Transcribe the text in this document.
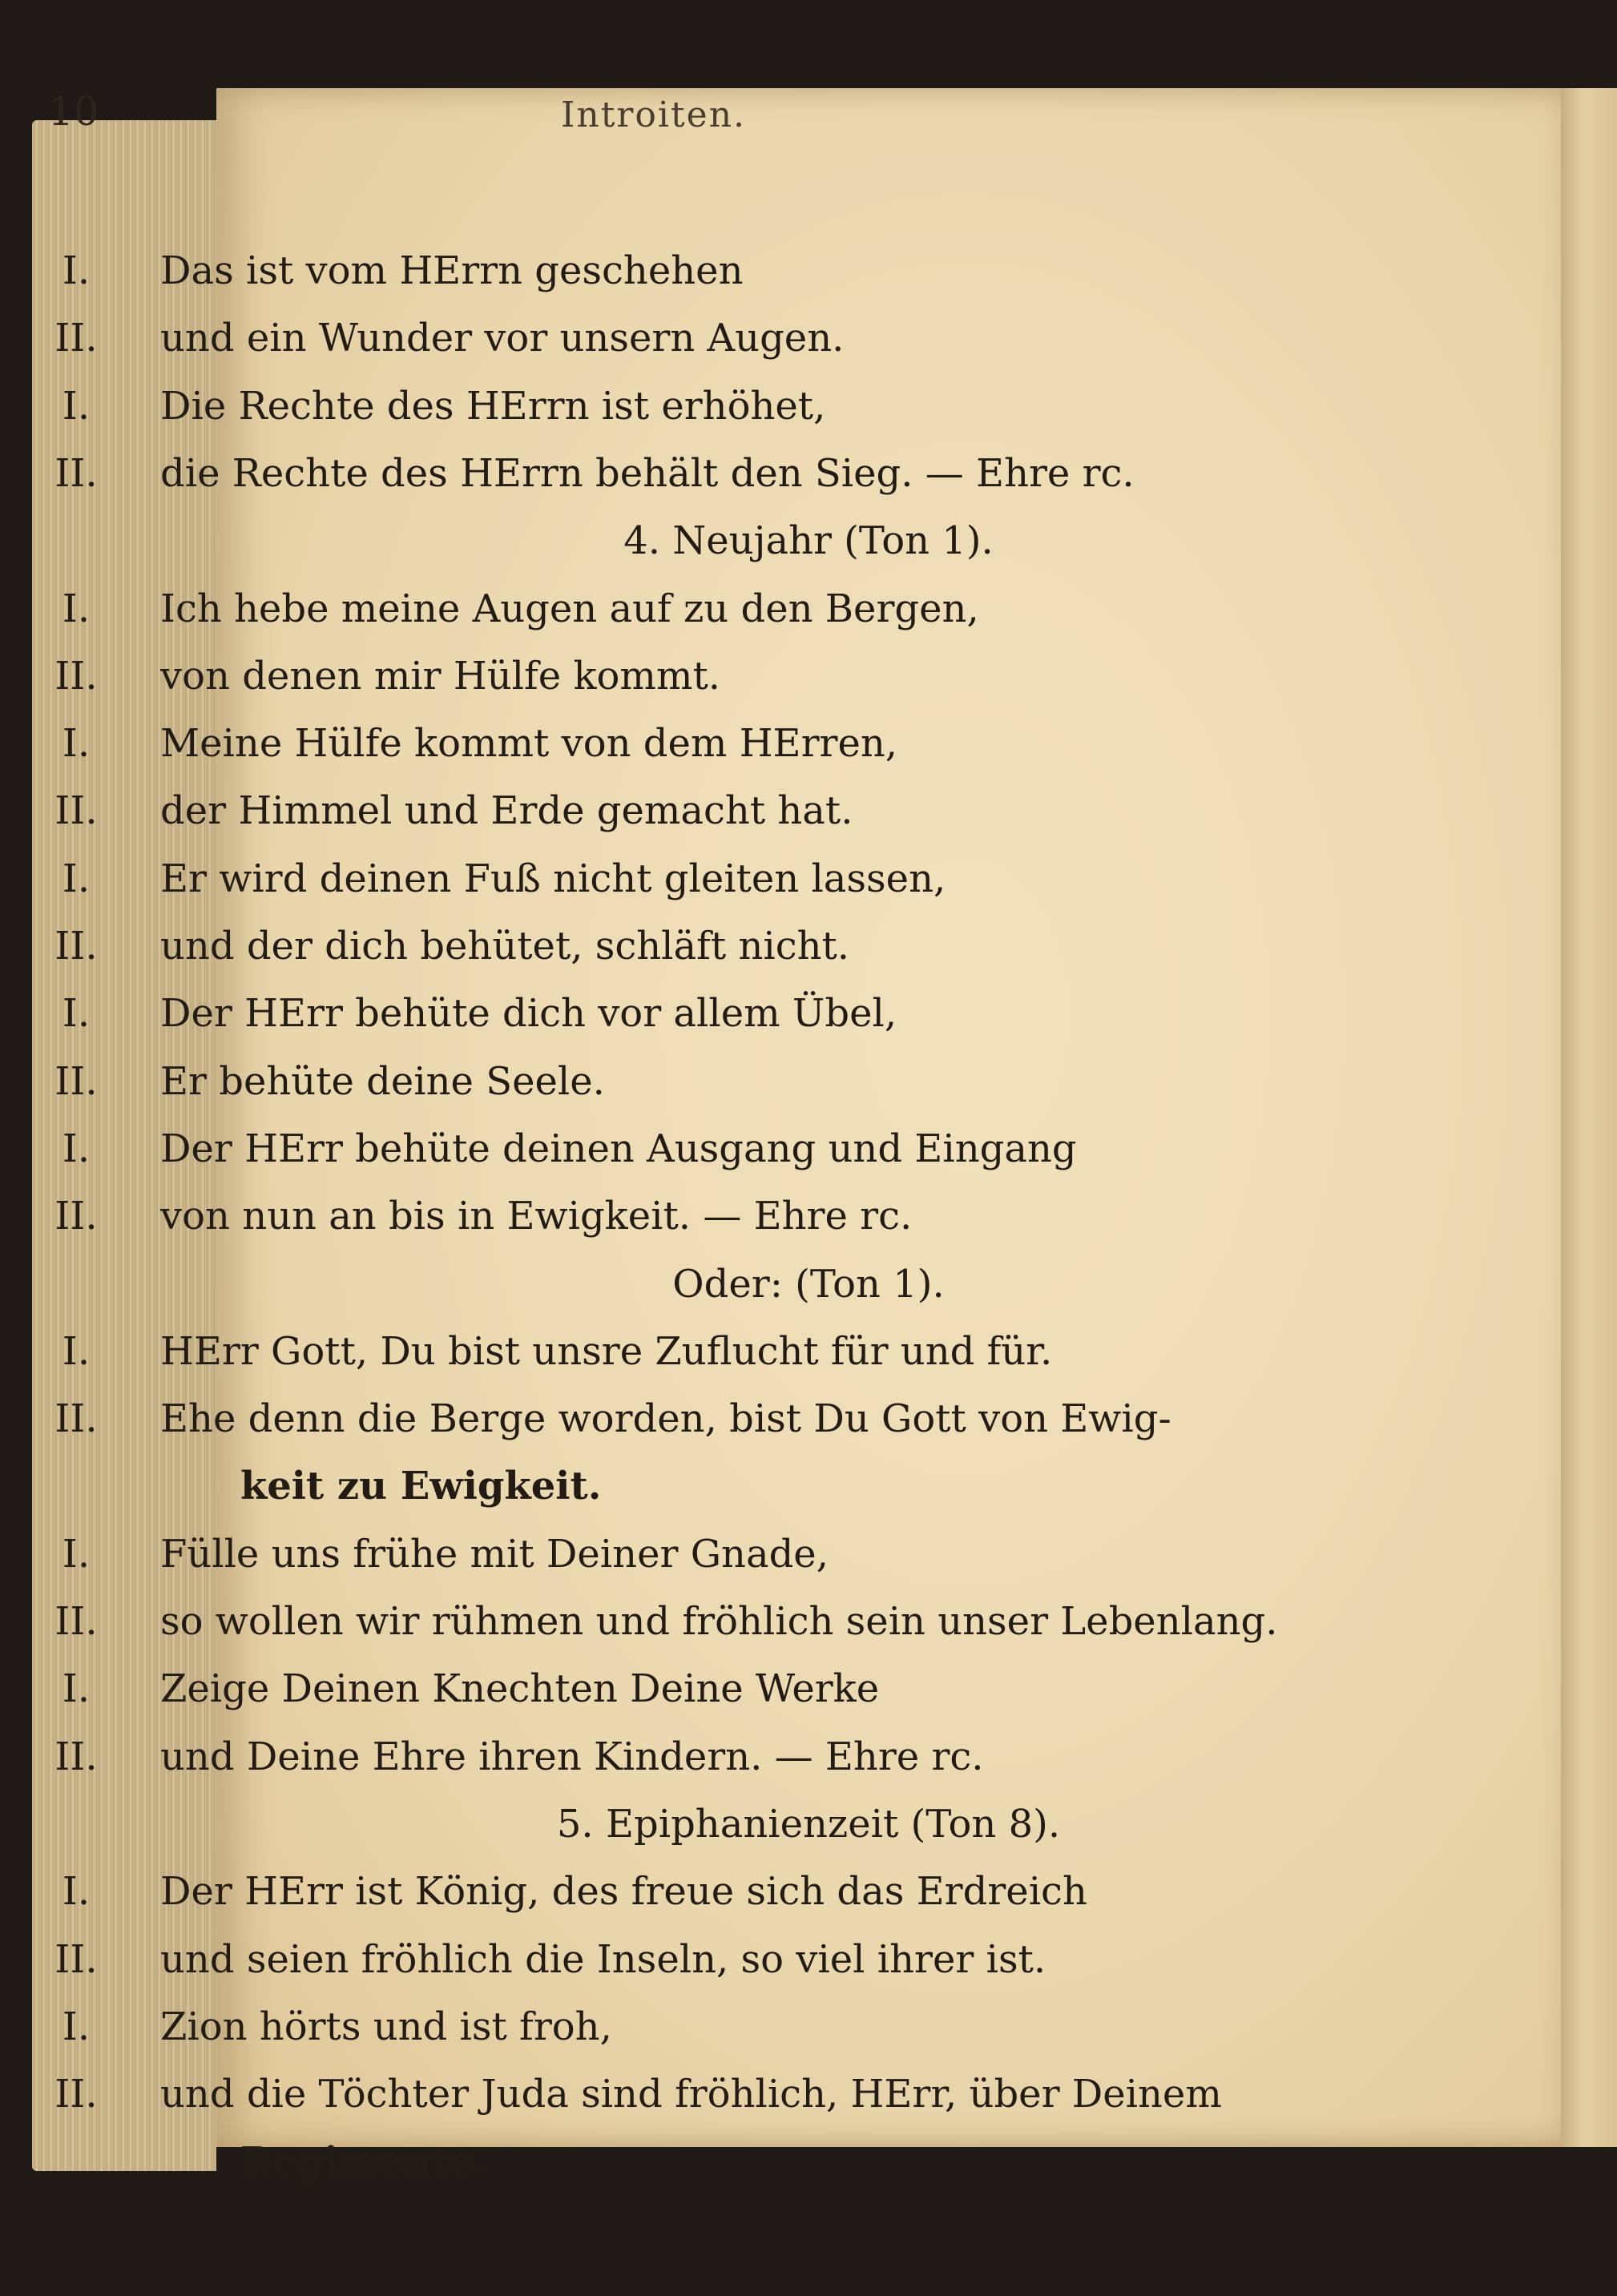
10	Introiten.
I.	Das ist vom HErrn geschehen
II.	und ein Wunder vor unsern Augen.
I.	Die Rechte des HErrn ist erhöhet,
II.	die Rechte des HErrn behält den Sieg. — Ehre rc.
4. Neujahr (Ton 1).
I.	Ich hebe meine Augen auf zu den Bergen,
II.	von denen mir Hülfe kommt.
I.	Meine Hülfe kommt von dem HErren,
II.	der Himmel und Erde gemacht hat.
I.	Er wird deinen Fuß nicht gleiten lassen,
II.	und der dich behütet, schläft nicht.
I.	Der HErr behüte dich vor allem Übel,
II.	Er behüte deine Seele.
I.	Der HErr behüte deinen Ausgang und Eingang
II.	von nun an bis in Ewigkeit. — Ehre rc.
Oder: (Ton 1).
I.	HErr Gott, Du bist unsre Zuflucht für und für.
II.	Ehe denn die Berge worden, bist Du Gott von Ewig-
keit zu Ewigkeit.
I.	Fülle uns frühe mit Deiner Gnade,
II.	so wollen wir rühmen und fröhlich sein unser Lebenlang.
I.	Zeige Deinen Knechten Deine Werke
II.	und Deine Ehre ihren Kindern. — Ehre rc.
5. Epiphanienzeit (Ton 8).
I.	Der HErr ist König, des freue sich das Erdreich
II.	und seien fröhlich die Inseln, so viel ihrer ist.
I.	Zion hörts und ist froh,
II.	und die Töchter Juda sind fröhlich, HErr, über Deinem
Regimente.
